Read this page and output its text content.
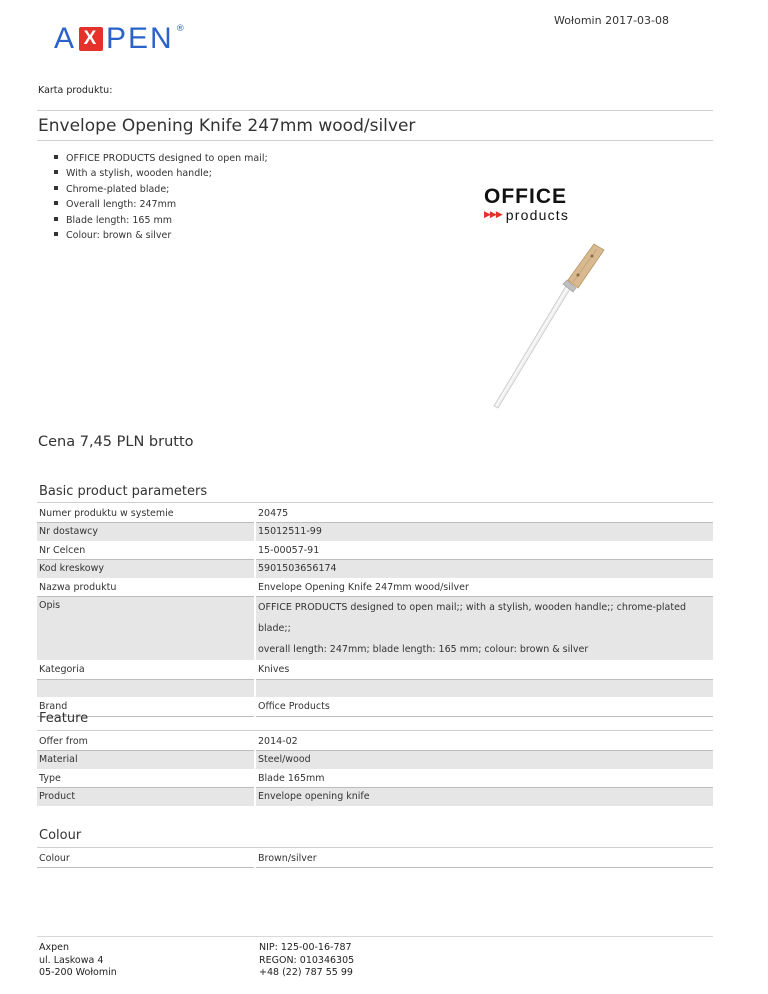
A X PEN ®
Wołomin 2017-03-08
Karta produktu:
Envelope Opening Knife 247mm wood/silver
OFFICE PRODUCTS designed to open mail;
With a stylish, wooden handle;
Chrome-plated blade;
Overall length: 247mm
Blade length: 165 mm
Colour: brown & silver
OFFICE
▶▶▶ products
Cena 7,45 PLN brutto
Basic product parameters
Numer produktu w systemie		20475
Nr dostawcy		15012511-99
Nr Celcen		15-00057-91
Kod kreskowy		5901503656174
Nazwa produktu		Envelope Opening Knife 247mm wood/silver
Opis		OFFICE PRODUCTS designed to open mail;; with a stylish, wooden handle;; chrome-plated blade;;
overall length: 247mm; blade length: 165 mm; colour: brown & silver

Kategoria		Knives

Brand		Office Products
Feature
Offer from		2014-02
Material		Steel/wood
Type		Blade 165mm
Product		Envelope opening knife
Colour
Colour		Brown/silver
Axpen
ul. Laskowa 4
05-200 Wołomin
NIP: 125-00-16-787
REGON: 010346305
+48 (22) 787 55 99
